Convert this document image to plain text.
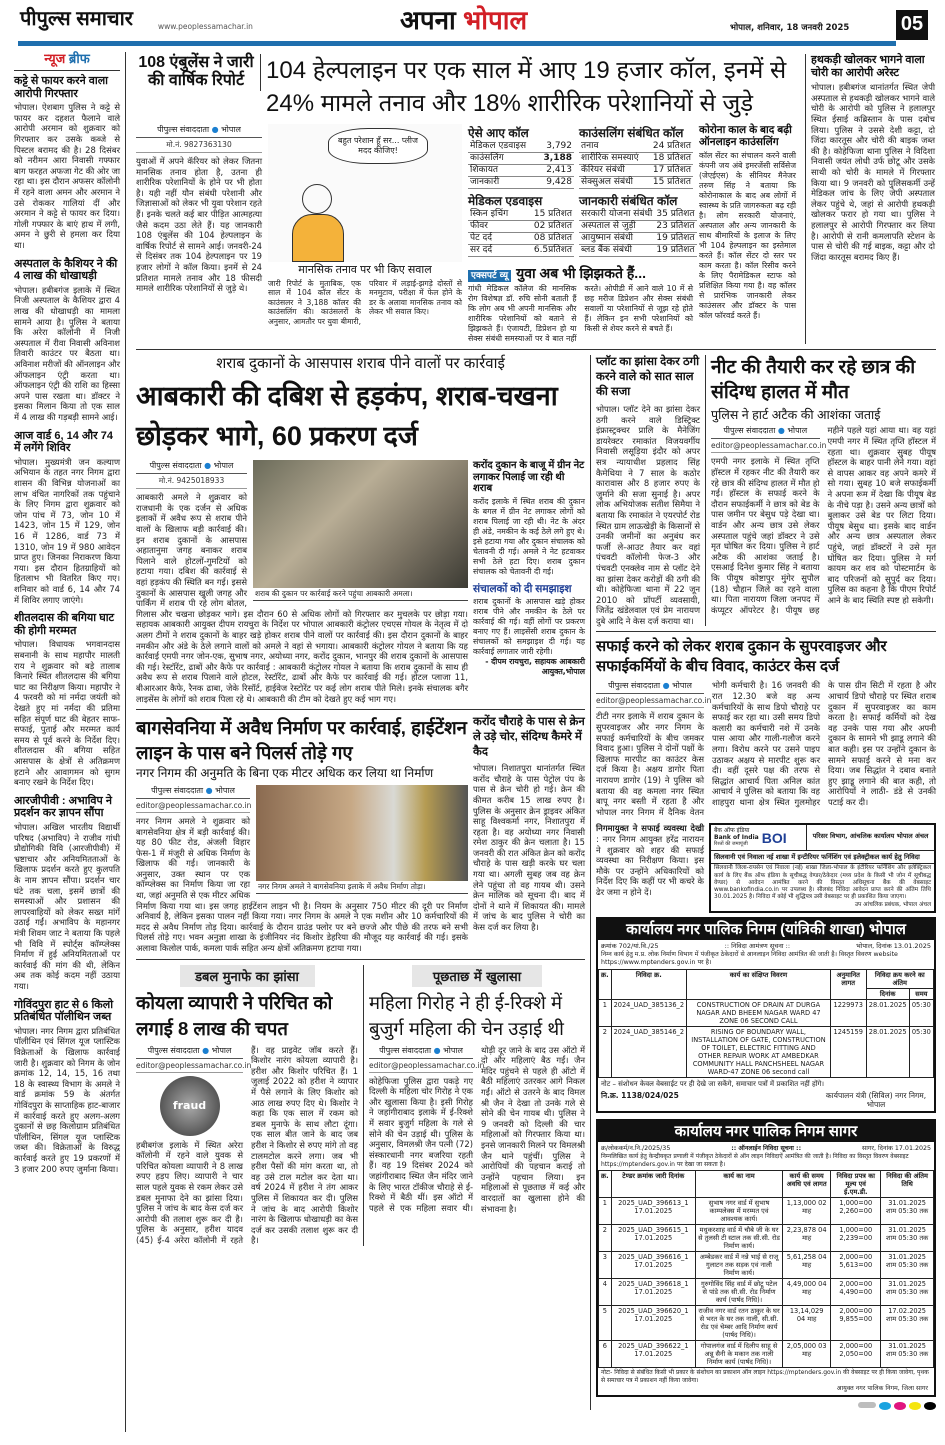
पीपुल्स समाचार	www.peoplessamachar.in	अपना भोपाल	भोपाल, शनिवार, 18 जनवरी 2025	05
न्यूज ब्रीफ
कट्टे से फायर करने वाला आरोपी गिरफ्तार
भोपाल। ऐशबाग पुलिस ने कट्टे से फायर कर दहशत फैलाने वाले आरोपी अरमान को शुक्रवार को गिरफ्तार कर उसके कब्जे से पिस्टल बरामद की है। 28 दिसंबर को नरीमन आरा निवासी गफ्फार बाग फरहत अफजा गेट की ओर जा रहा था। इस दौरान अफसर कॉलोनी में रहने वाला अमन और अरमान ने उसे रोककर गालियां दीं और अरमान ने कट्टे से फायर कर दिया। गोली गफ्फार के बाएं हाथ में लगी, अमन ने छुरी से हमला कर दिया था।
अस्पताल के कैशियर ने की 4 लाख की धोखाधड़ी
भोपाल। हबीबगंज इलाके में स्थित निजी अस्पताल के कैशियर द्वारा 4 लाख की धोखाधड़ी का मामला सामने आया है। पुलिस ने बताया कि अरेरा कॉलोनी में निजी अस्पताल में रीवा निवासी अविनाश तिवारी काउंटर पर बैठता था। अविनाश मरीजों की ऑनलाइन और ऑफलाइन एंट्री करता था। ऑफलाइन एंट्री की राशि का हिस्सा अपने पास रखता था। डॉक्टर ने इसका मिलान किया तो एक साल में 4 लाख की गड़बड़ी सामने आई।
आज वार्ड 6, 14 और 74 में लगेंगे शिविर
भोपाल। मुख्यमंत्री जन कल्याण अभियान के तहत नगर निगम द्वारा शासन की विभिन्न योजनाओं का लाभ वंचित नागरिकों तक पहुंचाने के लिए निगम द्वारा शुक्रवार को जोन पांच में 73, जोन 10 में 1423, जोन 15 में 129, जोन 16 में 1286, वार्ड 73 में 1310, जोन 19 में 980 आवेदन प्राप्त हुए। जिनका निराकरण किया गया। इस दौरान हितग्राहियों को हितलाभ भी वितरित किए गए। शनिवार को वार्ड 6, 14 और 74 में शिविर लगाए जाएंगे।
शीतलदास की बगिया घाट की होगी मरम्मत
भोपाल। विधायक भगवानदास सबनानी के साथ महापौर मालती राय ने शुक्रवार को बड़े तालाब किनारे स्थित शीतलदास की बगिया घाट का निरीक्षण किया। महापौर ने 4 फरवरी को मां नर्मदा जयंती को देखते हुए मां नर्मदा की प्रतिमा सहित संपूर्ण घाट की बेहतर साफ-सफाई, पुताई और मरम्मत कार्य समय से पूर्व करने के निर्देश दिए। शीतलदास की बगिया सहित आसपास के क्षेत्रों से अतिक्रमण हटाने और आवागमन को सुगम बनाए रखने के निर्देश दिए।
आरजीपीवी : अभाविप ने प्रदर्शन कर ज्ञापन सौंपा
भोपाल। अखिल भारतीय विद्यार्थी परिषद (अभाविप) ने राजीव गांधी प्रौद्योगिकी विवि (आरजीपीवी) में भ्रष्टाचार और अनियमितताओं के खिलाफ प्रदर्शन करते हुए कुलपति के नाम ज्ञापन सौंपा। प्रदर्शन चार घंटे तक चला, इसमें छात्रों की समस्याओं और प्रशासन की लापरवाहियों को लेकर सख्त मांगें उठाई गईं। अभाविप के महानगर मंत्री शिवम जाट ने बताया कि पहले भी विवि में स्पोर्ट्स कॉम्प्लेक्स निर्माण में हुई अनियमितताओं पर कार्रवाई की मांग की थी, लेकिन अब तक कोई कदम नहीं उठाया गया।
गोविंदपुरा हाट से 6 किलो प्रतिबंधित पॉलीथिन जब्त
भोपाल। नगर निगम द्वारा प्रतिबंधित पॉलीथिन एवं सिंगल यूज प्लास्टिक विक्रेताओं के खिलाफ कार्रवाई जारी है। शुक्रवार को निगम के जोन क्रमांक 12, 14, 15, 16 तथा 18 के स्वास्थ्य विभाग के अमले ने वार्ड क्रमांक 59 के अंतर्गत गोविंदपुरा के साप्ताहिक हाट-बाजार में कार्रवाई करते हुए अलग-अलग दुकानों से छह किलोग्राम प्रतिबंधित पॉलीथिन, सिंगल यूज प्लास्टिक जब्त की। विक्रेताओं के विरुद्ध कार्रवाई करते हुए 19 प्रकरणों में 3 हजार 200 रुपए जुर्माना किया।
108 एंबुलेंस ने जारी की वार्षिक रिपोर्ट 104 हेल्पलाइन पर एक साल में आए 19 हजार कॉल, इनमें से 24% मामले तनाव और 18% शारीरिक परेशानियों से जुड़े
पीपुल्स संवाददाता ● भोपाल
मो.नं. 9827363130
युवाओं में अपने कॅरियर को लेकर जितना मानसिक तनाव होता है, उतना ही शारीरिक परेशानियों के होने पर भी होता है। यही नहीं यौन संबंधी परेशानी और जिज्ञासाओं को लेकर भी युवा परेशान रहते हैं। इनके चलते कई बार पीड़ित आत्महत्या जैसे कदम उठा लेते हैं। यह जानकारी 108 एंबुलेंस की 104 हेल्पलाइन के वार्षिक रिपोर्ट से सामने आई। जनवरी-24 से दिसंबर तक 104 हेल्पलाइन पर 19 हजार लोगों ने कॉल किया। इनमें से 24 प्रतिशत मामले तनाव और 18 फीसदी मामले शारीरिक परेशानियों से जुड़े थे।
बहुत परेशान हूँ सर... प्लीज मदद कीजिए!
मानसिक तनाव पर भी किए सवाल
जारी रिपोर्ट के मुताबिक, एक साल में 104 कॉल सेंटर के काउंसलर ने 3,188 कॉलर की काउंसलिंग की। काउंसलरों के अनुसार, आमतौर पर युवा बीमारी, परिवार में लड़ाई-झगड़े दोस्तों से मनमुटाव, परीक्षा में फेल होने के डर के अलावा मानसिक तनाव को लेकर भी सवाल किए।
ऐसे आए कॉल
मेडिकल एडवाइस	3,792
काउंसलिंग	3,188
शिकायत	2,413
जानकारी	9,428
मेडिकल एडवाइस
स्किन इचिंग	15 प्रतिशत
फीवर	02 प्रतिशत
पेट दर्द	08 प्रतिशत
सर दर्द	6.5प्रतिशत
काउंसलिंग संबंधित कॉल
तनाव	24 प्रतिशत
शारीरिक समस्याएं	18 प्रतिशत
कॅरियर संबंधी	17 प्रतिशत
सेक्सुअल संबंधी	15 प्रतिशत
जानकारी संबंधित कॉल
सरकारी योजना संबंधी	35 प्रतिशत
अस्पताल से जुड़ी	23 प्रतिशत
आयुष्मान संबंधी	19 प्रतिशत
ब्लड बैंक संबंधी	19 प्रतिशत
एक्सपर्ट व्यू युवा अब भी झिझकते हैं...
गांधी मेडिकल कॉलेज की मानसिक रोग विशेषज्ञ डॉ. रुचि सोनी बताती हैं कि लोग अब भी अपनी मानसिक और शारीरिक परेशानियों को बताने से झिझकते हैं। एंजायटी, डिप्रेशन हो या सेक्स संबंधी समस्याओं पर वे बात नहीं करते। ओपीडी में आने वाले 10 में से छह मरीज डिप्रेशन और सेक्स संबंधी सवालों या परेशानियों से जूझ रहे होते हैं। लेकिन इन सभी परेशानियों को किसी से शेयर करने से बचते हैं।
कोरोना काल के बाद बढ़ी ऑनलाइन काउंसलिंग
कॉल सेंटर का संचालन करने वाली कंपनी जय अंबे इमरजेंसी सर्विसेज (जेएईएस) के सीनियर मैनेजर तरुण सिंह ने बताया कि कोरोनाकाल के बाद अब लोगों में स्वास्थ्य के प्रति जागरुकता बढ़ रही है। लोग सरकारी योजनाएं, अस्पताल और अन्य जानकारी के साथ बीमारियों के इलाज के लिए भी 104 हेल्पलाइन का इस्तेमाल करते हैं। कॉल सेंटर दो स्तर पर काम करता है। कॉल रिसीव करने के लिए पैरामेडिकल स्टाफ को प्रशिक्षित किया गया है। वह कॉलर से प्रारंभिक जानकारी लेकर काउंसलर और डॉक्टर के पास कॉल फॉरवर्ड करते हैं।
हथकड़ी खोलकर भागने वाला चोरी का आरोपी अरेस्ट
भोपाल। हबीबगंज थानांतर्गत स्थित जेपी अस्पताल से हथकड़ी खोलकर भागने वाले चोरी के आरोपी को पुलिस ने हलालपुर स्थित ईसाई कब्रिस्तान के पास दबोच लिया। पुलिस ने उससे देशी कट्टा, दो जिंदा कारतूस और चोरी की बाइक जब्त की है। कोहेफिजा थाना पुलिस ने विदिशा निवासी जयंत लोधी उर्फ छोटू और उसके साथी को चोरी के मामले में गिरफ्तार किया था। 9 जनवरी को पुलिसकर्मी उन्हें मेडिकल जांच के लिए जेपी अस्पताल लेकर पहुंचे थे, जहां से आरोपी हथकड़ी खोलकर फरार हो गया था। पुलिस ने हलालपुर से आरोपी गिरफ्तार कर लिया है। आरोपी से रानी कमलापति स्टेशन के पास से चोरी की गई बाइक, कट्टा और दो जिंदा कारतूस बरामद किए हैं।
शराब दुकानों के आसपास शराब पीने वालों पर कार्रवाई
आबकारी की दबिश से हड़कंप, शराब-चखना छोड़कर भागे, 60 प्रकरण दर्ज
शराब की दुकान पर कार्रवाई करने पहुंचा आबकारी अमला।
पीपुल्स संवाददाता ● भोपाल
मो.नं. 9425018933
आबकारी अमले ने शुक्रवार को राजधानी के एक दर्जन से अधिक इलाकों में अवैध रूप से शराब पीने वालों के खिलाफ बड़ी कार्रवाई की। इन शराब दुकानों के आसपास अहातानुमा जगह बनाकर शराब पिलाने वाले होटलों-गुमटियों को हटाया गया। दबिश की कार्रवाई से वहां हड़कंप की स्थिति बन गई। इससे दुकानों के आसपास खुली जगह और पार्किंग में शराब पी रहे लोग बोतल, गिलास और चखना छोड़कर भागे। इस दौरान 60 से अधिक लोगों को गिरफ्तार कर मुचलके पर छोड़ा गया। सहायक आबकारी आयुक्त दीपम रायचुरा के निर्देश पर भोपाल आबकारी कंट्रोलर एचएस गोयल के नेतृत्व में दो अलग टीमों ने शराब दुकानों के बाहर खड़े होकर शराब पीने वालों पर कार्रवाई की। इस दौरान दुकानों के बाहर नमकीन और अंडे के ठेले लगाने वालों को अमले ने वहां से भगाया। आबकारी कंट्रोलर गोयल ने बताया कि यह कार्रवाई एमपी नगर जोन-एक, सुभाष नगर, अयोध्या नगर, करोंद दुकान, भानपुर की शराब दुकानों के आसपास की गई। रेस्टॉरेंट, ढाबों और कैफे पर कार्रवाई : आबकारी कंट्रोलर गोयल ने बताया कि शराब दुकानों के साथ ही अवैध रूप से शराब पिलाने वाले होटल, रेस्टॉरेंट, ढाबों और कैफे पर कार्रवाई की गई। होटल प्लाजा 11, बीआरआर कैफे, रैनक ढाबा, जेके रिसॉर्ट, हाईवेज रेस्टोरेंट पर कई लोग शराब पीते मिले। इनके संचालक बगैर लाइसेंस के लोगों को शराब पिला रहे थे। आबकारी की टीम को देखते हुए कई भाग गए।
करोंद दुकान के बाजू में ग्रीन नेट लगाकर पिलाई जा रही थी शराब
करोंद इलाके में स्थित शराब की दुकान के बगल में ग्रीन नेट लगाकर लोगों को शराब पिलाई जा रही थी। नेट के अंदर ही अंडे, नमकीन के कई ठेले लगे हुए थे। इसे हटाया गया और दुकान संचालक को चेतावनी दी गई। अमले ने नेट हटवाकर सभी ठेले हटा दिए। शराब दुकान संचालक को चेतावनी दी गई।
संचालकों को दी समझाइश
शराब दुकानों के आसपास खड़े होकर शराब पीने और नमकीन के ठेले पर कार्रवाई की गई। वहीं लोगों पर प्रकरण बनाए गए हैं। लाइसेंसी शराब दुकान के संचालकों को समझाइश दी गई। यह कार्रवाई लगातार जारी रहेगी।
- दीपम रायचुरा, सहायक आबकारी आयुक्त,भोपाल
बागसेवनिया में अवैध निर्माण पर कार्रवाई, हाईटेंशन लाइन के पास बने पिलर्स तोड़े गए
नगर निगम की अनुमति के बिना एक मीटर अधिक कर लिया था निर्माण
नगर निगम अमले ने बागसेवनिया इलाके में अवैध निर्माण तोड़ा।
पीपुल्स संवाददाता ● भोपाल
editor@peoplessamachar.co.in
नगर निगम अमले ने शुक्रवार को बागसेवनिया क्षेत्र में बड़ी कार्रवाई की। यह 80 फीट रोड, अंजली विहार फेस-1 में मंजूरी से अधिक निर्माण के खिलाफ की गई। जानकारी के अनुसार, उक्त स्थान पर एक कॉम्प्लेक्स का निर्माण किया जा रहा था, जहां अनुमति से एक मीटर अधिक निर्माण किया गया था। इस जगह हाईटेंशन लाइन भी है। नियम के अनुसार 750 मीटर की दूरी पर निर्माण अनिवार्य है, लेकिन इसका पालन नहीं किया गया। नगर निगम के अमले ने एक मशीन और 10 कर्मचारियों की मदद से अवैध निर्माण तोड़ दिया। कार्रवाई के दौरान ग्राउंड फ्लोर पर बने छज्जे और पीछे की तरफ बने सभी पिलर्स तोड़े गए। भवन अनुज्ञा शाखा के इंजीनियर नंद किशोर डेहरिया की मौजूद यह कार्रवाई की गई। इसके अलावा किलोल पार्क, कमला पार्क सहित अन्य क्षेत्रों अतिक्रमण हटाया गया।
करोंद चौराहे के पास से क्रेन ले उड़े चोर, संदिग्ध कैमरे में कैद
भोपाल। निशातपुरा थानांतर्गत स्थित करोंद चौराहे के पास पेट्रोल पंप के पास से क्रेन चोरी हो गई। क्रेन की कीमत करीब 15 लाख रुपए है। पुलिस के अनुसार क्रेन ड्राइवर अंकित साहू विश्वकर्मा नगर, निशातपुरा में रहता है। वह अयोध्या नगर निवासी रमेश ठाकुर की क्रेन चलाता है। 15 जनवरी की रात अंकित क्रेन को करोंद चौराहे के पास खड़ी करके घर चला गया था। अगली सुबह जब वह क्रेन लेने पहुंचा तो वह गायब थी। उसने क्रेन मालिक को सूचना दी। बाद में दोनों ने थाने में शिकायत की। मामले में जांच के बाद पुलिस ने चोरी का केस दर्ज कर लिया है।
डबल मुनाफे का झांसा
कोयला व्यापारी ने परिचित को लगाई 8 लाख की चपत
पीपुल्स संवाददाता ● भोपाल
editor@peoplessamachar.co.in
fraud
हबीबगंज इलाके में स्थित अरेरा कॉलोनी में रहने वाले युवक से परिचित कोयला व्यापारी ने 8 लाख रुपए हड़प लिए। व्यापारी ने चार साल पहले युवक से रकम लेकर उसे डबल मुनाफा देने का झांसा दिया। पुलिस ने जांच के बाद केस दर्ज कर आरोपी की तलाश शुरू कर दी है। पुलिस के अनुसार, हरीश यादव (45) ई-4 अरेरा कॉलोनी में रहते हैं। वह प्राइवेट जॉब करते हैं। किशोर नारंग कोयला व्यापारी है। हरीश और किशोर परिचित हैं। 1 जुलाई 2022 को हरीश ने व्यापार में पैसे लगाने के लिए किशोर को आठ लाख रुपए दिए थे। किशोर ने कहा कि एक साल में रकम को डबल मुनाफे के साथ लौटा दूंगा। एक साल बीत जाने के बाद जब हरीश ने किशोर से रुपए मांगे तो वह टालमटोल करने लगा। जब भी हरीश पैसों की मांग करता था, तो वह उसे टाल मटोल कर देता था। वर्ष 2024 में हरीश ने तंग आकर पुलिस में शिकायत कर दी। पुलिस ने जांच के बाद आरोपी किशोर नारंग के खिलाफ धोखाधड़ी का केस दर्ज कर उसकी तलाश शुरू कर दी है।
पूछताछ में खुलासा
महिला गिरोह ने ही ई-रिक्शे में बुजुर्ग महिला की चेन उड़ाई थी
पीपुल्स संवाददाता ● भोपाल
editor@peoplessamachar.co.in
कोहेफिजा पुलिस द्वारा पकड़े गए दिल्ली के महिला चोर गिरोह ने एक और खुलासा किया है। इसी गिरोह ने जहांगीराबाद इलाके में ई-रिक्शे में सवार बुजुर्ग महिला के गले से सोने की चेन उड़ाई थी। पुलिस के अनुसार, विमलश्री जैन पत्नी (72) संस्कारधानी नगर बजरिया रहती हैं। वह 19 दिसंबर 2024 को जहांगीराबाद स्थित जैन मंदिर जाने के लिए भारत टॉकीज चौराहे से ई-रिक्शे में बैठी थीं। इस ऑटो में पहले से एक महिला सवार थी। थोड़ी दूर जाने के बाद उस ऑटो में दो और महिलाएं बैठ गईं। जैन मंदिर पहुंचने से पहले ही ऑटो में बैठी महिलाएं उतरकर आगे निकल गईं। ऑटो से उतरने के बाद विमल श्री जैन ने देखा तो उनके गले से सोने की चेन गायब थी। पुलिस ने 9 जनवरी को दिल्ली की चार महिलाओं को गिरफ्तार किया था। इनसे जानकारी मिलने पर विमलश्री जैन थाने पहुंचीं। पुलिस ने आरोपियों की पहचान कराई तो उन्होंने पहचान लिया। इन महिलाओं से पूछताछ में कई और वारदातों का खुलासा होने की संभावना है।
प्लॉट का झांसा देकर ठगी करने वाले को सात साल की सजा
भोपाल। प्लॉट देने का झांसा देकर ठगी करने वाले डिस्ट्रिक्ट इंफ्रास्ट्रक्चर प्रालि के मैनेजिंग डायरेक्टर रमाकांत विजयवर्गीय निवासी लसूड़िया इंदौर को अपर सत्र न्यायाधीश प्रहलाद सिंह कैमेथिया ने 7 साल के कठोर कारावास और 8 हजार रुपए के जुर्माने की सजा सुनाई है। अपर लोक अभियोजक सतीश सिमैया ने बताया कि रमाकांत ने एयरपोर्ट रोड स्थित ग्राम लाऊखेड़ी के किसानों से उनकी जमीनों का अनुबंध कर फर्जी ले-आउट तैयार कर वहां पंचवटी कॉलोनी फेज-3 और पंचवटी एनक्लेव नाम से प्लॉट देने का झांसा देकर करोड़ों की ठगी की थी। कोहेफिजा थाना में 22 जून 2010 को प्रॉपर्टी व्यवसायी, जितेंद्र खंडेलवाल एवं प्रेम नारायण दुबे आदि ने केस दर्ज कराया था।
नीट की तैयारी कर रहे छात्र की संदिग्ध हालत में मौत
पुलिस ने हार्ट अटैक की आशंका जताई
पीपुल्स संवाददाता ● भोपाल
editor@peoplessamachar.co.in
एमपी नगर इलाके में स्थित तृप्ति हॉस्टल में रहकर नीट की तैयारी कर रहे छात्र की संदिग्ध हालत में मौत हो गई। हॉस्टल के सफाई करने के दौरान सफाईकर्मी ने छात्र को बेड के पास जमीन पर बेसुध पड़े देखा था। वार्डन और अन्य छात्र उसे लेकर अस्पताल पहुंचे जहां डॉक्टर ने उसे मृत घोषित कर दिया। पुलिस ने हार्ट अटैक की आशंका जताई है। एसआई दिनेश कुमार सिंह ने बताया कि पीयूष कोष्टापुर मुंगेर सुपौल (18) चौहान जिले का रहने वाला था। पिता नारायण जिला जनपद में कंप्यूटर ऑपरेटर है। पीयूष छह महीने पहले यहां आया था। वह यहां एमपी नगर में स्थित तृप्ति हॉस्टल में रहता था। शुक्रवार सुबह पीयूष हॉस्टल के बाहर पानी लेने गया। वहां से वापस आकर वह अपने कमरे में सो गया। सुबह 10 बजे सफाईकर्मी ने अपना रूम में देखा कि पीयूष बेड के नीचे पड़ा है। उसने अन्य छात्रों को बुलाकर उसे बेड पर लिटा दिया। पीयूष बेसुध था। इसके बाद वार्डन और अन्य छात्र अस्पताल लेकर पहुंचे, जहां डॉक्टरों ने उसे मृत घोषित कर दिया। पुलिस ने मर्ग कायम कर शव को पोस्टमार्टम के बाद परिजनों को सुपुर्द कर दिया। पुलिस का कहना है कि पीएम रिपोर्ट आने के बाद स्थिति स्पष्ट हो सकेगी।
सफाई करने को लेकर शराब दुकान के सुपरवाइजर और सफाईकर्मियों के बीच विवाद, काउंटर केस दर्ज
पीपुल्स संवाददाता ● भोपाल
editor@peoplessamachar.co.in
टीटी नगर इलाके में शराब दुकान के सुपरवाइजर और नगर निगम के सफाई कर्मचारियों के बीच जमकर विवाद हुआ। पुलिस ने दोनों पक्षों के खिलाफ मारपीट का काउंटर केस दर्ज किया है। अक्षय डागोर पिता नारायण डागोर (19) ने पुलिस को बताया की वह कमला नगर स्थित बापू नगर बस्ती में रहता है और भोपाल नगर निगम में दैनिक वेतन भोगी कर्मचारी है। 16 जनवरी की रात 12.30 बजे वह अन्य कर्मचारियों के साथ डिपो चौराहे पर सफाई कर रहा था। उसी समय डिपो कलारी का कर्मचारी नशे में उनके पास आया और गाली-गलौज करने लगा। विरोध करने पर उसने पाइप उठाकर अक्षय से मारपीट शुरू कर दी। वहीं दूसरे पक्ष की तरफ से सिद्धांत आचार्य पिता अनिल कांत आचार्य ने पुलिस को बताया कि वह शाहपुरा थाना क्षेत्र स्थित गुलमोहर के पास ग्रीन सिटी में रहता है और आचार्य डिपो चौराहे पर स्थित शराब दुकान में सुपरवाइजर का काम करता है। सफाई कर्मियों को देख वह उनके पास गया और अपनी दुकान के सामने भी झाडू लगाने की बात कही। इस पर उन्होंने दुकान के सामने सफाई करने से मना कर दिया। जब सिद्धांत ने दबाव बनाते हुए झाडू लगाने की बात कही, तो आरोपियों ने लाठी- डंडे से उनकी पटाई कर दी।
निगमायुक्त ने सफाई व्यवस्था देखी : नगर निगम आयुक्त हरेंद्र नारायन ने शुक्रवार को शहर की सफाई व्यवस्था का निरीक्षण किया। इस मौके पर उन्होंने अधिकारियों को निर्देश दिए कि कहीं पर भी कचरे के ढेर जमा न होने दें।
बैंक ऑफ इंडिया
Bank of India
रिश्तों की जमापूंजी BOI	परिसर विभाग, आंचलिक कार्यालय भोपाल अंचल
सिलवानी एवं निवाला नई शाखा में इन्टीरियर फर्निशिंग एवं इलेक्ट्रीकल कार्य हेतु निविदा
सिलवानी जिला-रायसेन एवं निवाला (नई) शाखा जिला-भोपाल के इंटीरियर फर्निशिंग और इलेक्ट्रिकल कार्य के लिए बैंक ऑफ इंडिया के सूचीबद्ध वेण्डर/ठेकेदार (मध्य प्रदेश के किसी भी जोन में सूचीबद्ध वेण्डर) से आवेदन आमंत्रित करने की विस्तृत अधिसूचना बैंक की वेबसाइट www.bankofindia.co.in पर उपलब्ध है। सीलबंद निविदा आवेदन प्राप्त करने की अंतिम तिथि 30.01.2025 है। निविदा में कोई भी शुद्धिपत्र उसी वेबसाइट पर ही प्रकाशित किया जाएगा।
उप आंचलिक प्रबंधक, भोपाल अंचल
कार्यालय नगर पालिक निगम (यांत्रिकी शाखा) भोपाल
क्रमांक 702/यां.वि./25	:: निविदा आमंत्रण सूचना ::	भोपाल, दिनांक 13.01.2025
निम्न कार्य हेतु म.प्र. लोक निर्माण विभाग में पंजीकृत ठेकेदारों से आनलाइन निविदा आमंत्रित की जाती है। विस्तृत विवरण website https://www.mptenders.gov.in पर है।
क्र.	निविदा क्र.	कार्य का संक्षिप्त विवरण	अनुमानित लागत	निविदा क्रय करने का अंतिम	
				दिनांक	समय
1	2024_UAD_385136_2	CONSTRUCTION OF DRAIN AT DURGA NAGAR AND BHEEM NAGAR WARD 47 ZONE 06 SECOND CALL	1229973	28.01.2025	05:30
2	2024_UAD_385146_2	RISING OF BOUNDARY WALL, INSTALLATION OF GATE, CONSTRUCTION OF TOILET, ELECTRIC FITTING AND OTHER REPAIR WORK AT AMBEDKAR COMMUNITY HALL PANCHSHEEL NAGAR WARD-47 ZONE 06 second call	1245159	28.01.2025	05:30
नोट – संशोधन केवल वेबसाईट पर ही देखे जा सकेंगे, समाचार पत्रों में प्रकाशित नहीं होंगे।
नि.क्र. 1138/024/025	कार्यपालन यंत्री (सिविल) नगर निगम, भोपाल
कार्यालय नगर पालिक निगम सागर
क्र/लोककर्म/न.नि./2025/35	:: ऑनलाईन निविदा सूचना ::	सागर, दिनांक 17.01.2025
निम्नलिखित कार्य हेतु केन्द्रीयकृत प्रणाली में पंजीकृत ठेकेदारों से ऑन लाइन निविदाऐं आमंत्रित की जाती है। निविदा का विस्तृत विवरण वेबसाइट https://mptenders.gov.in पर देखा जा सकता है।
क्र.	टेण्डर क्रमांक जारी दिनांक	कार्य का नाम	कार्य की समय अवधि एवं लागत	निविदा प्रपत्र का मूल्य एवं ई.एम.डी.	निविदा की अंतिम तिथि
1	2025_UAD_396613_1 17.01.2025	सुभाष नगर वार्ड में सुभाष काम्पलेक्स में मरम्मत एवं आवश्यक कार्य।	1,13,000 02 माह	1,000=00 2,260=00	31.01.2025 शाम 05:30 तक
2	2025_UAD_396615_1 17.01.2025	मधुकरशाह वार्ड में चौबे जी के घर से तुलसी टी स्टाल तक सी.सी. रोड निर्माण कार्य।	2,23,878 04 माह	1,000=00 2,239=00	31.01.2025 शाम 05:30 तक
3	2025_UAD_396616_1 17.01.2025	अम्बेडकर वार्ड में नन्ने भाई से राजू गुलाटन तक सड़क एवं नाली निर्माण कार्य।	5,61,258 04 माह	2,000=00 5,613=00	31.01.2025 शाम 05:30 तक
4	2025_UAD_396618_1 17.01.2025	गुरुगोविंद सिंह वार्ड में छोटू पटेल से पांडे तक सी.सी. रोड निर्माण कार्य (पार्षद निधि)।	4,49,000 04 माह	2,000=00 4,490=00	31.01.2025 शाम 05:30 तक
5	2025_UAD_396620_1 17.01.2025	राजीव नगर वार्ड रतन ठाकुर के घर से भरत के घर तक नाली, सी.सी. रोड एवं चेम्बर आदि निर्माण कार्य (पार्षद निधि)।	13,14,029 04 माह	2,000=00 9,855=00	17.02.2025 शाम 05:30 तक
6	2025_UAD_396622_1 17.01.2025	गोपालगंज वार्ड में दिलीप साहू से अन्नू सैनी के मकान तक नाली निर्माण कार्य (पार्षद निधि)।	2,05,000 03 माह	2,000=00 2,050=00	31.01.2025 शाम 05:30 तक
नोटः- निविदा से संबंधित किसी भी प्रकार के संशोधन का प्रकाशन ऑन लाइन https://mptenders.gov.in की वेबसाइट पर ही किया जावेगा, पृथक से समाचार पत्र में प्रकाशन नहीं किया जावेगा।
आयुक्त नगर पालिक निगम, जिला सागर
